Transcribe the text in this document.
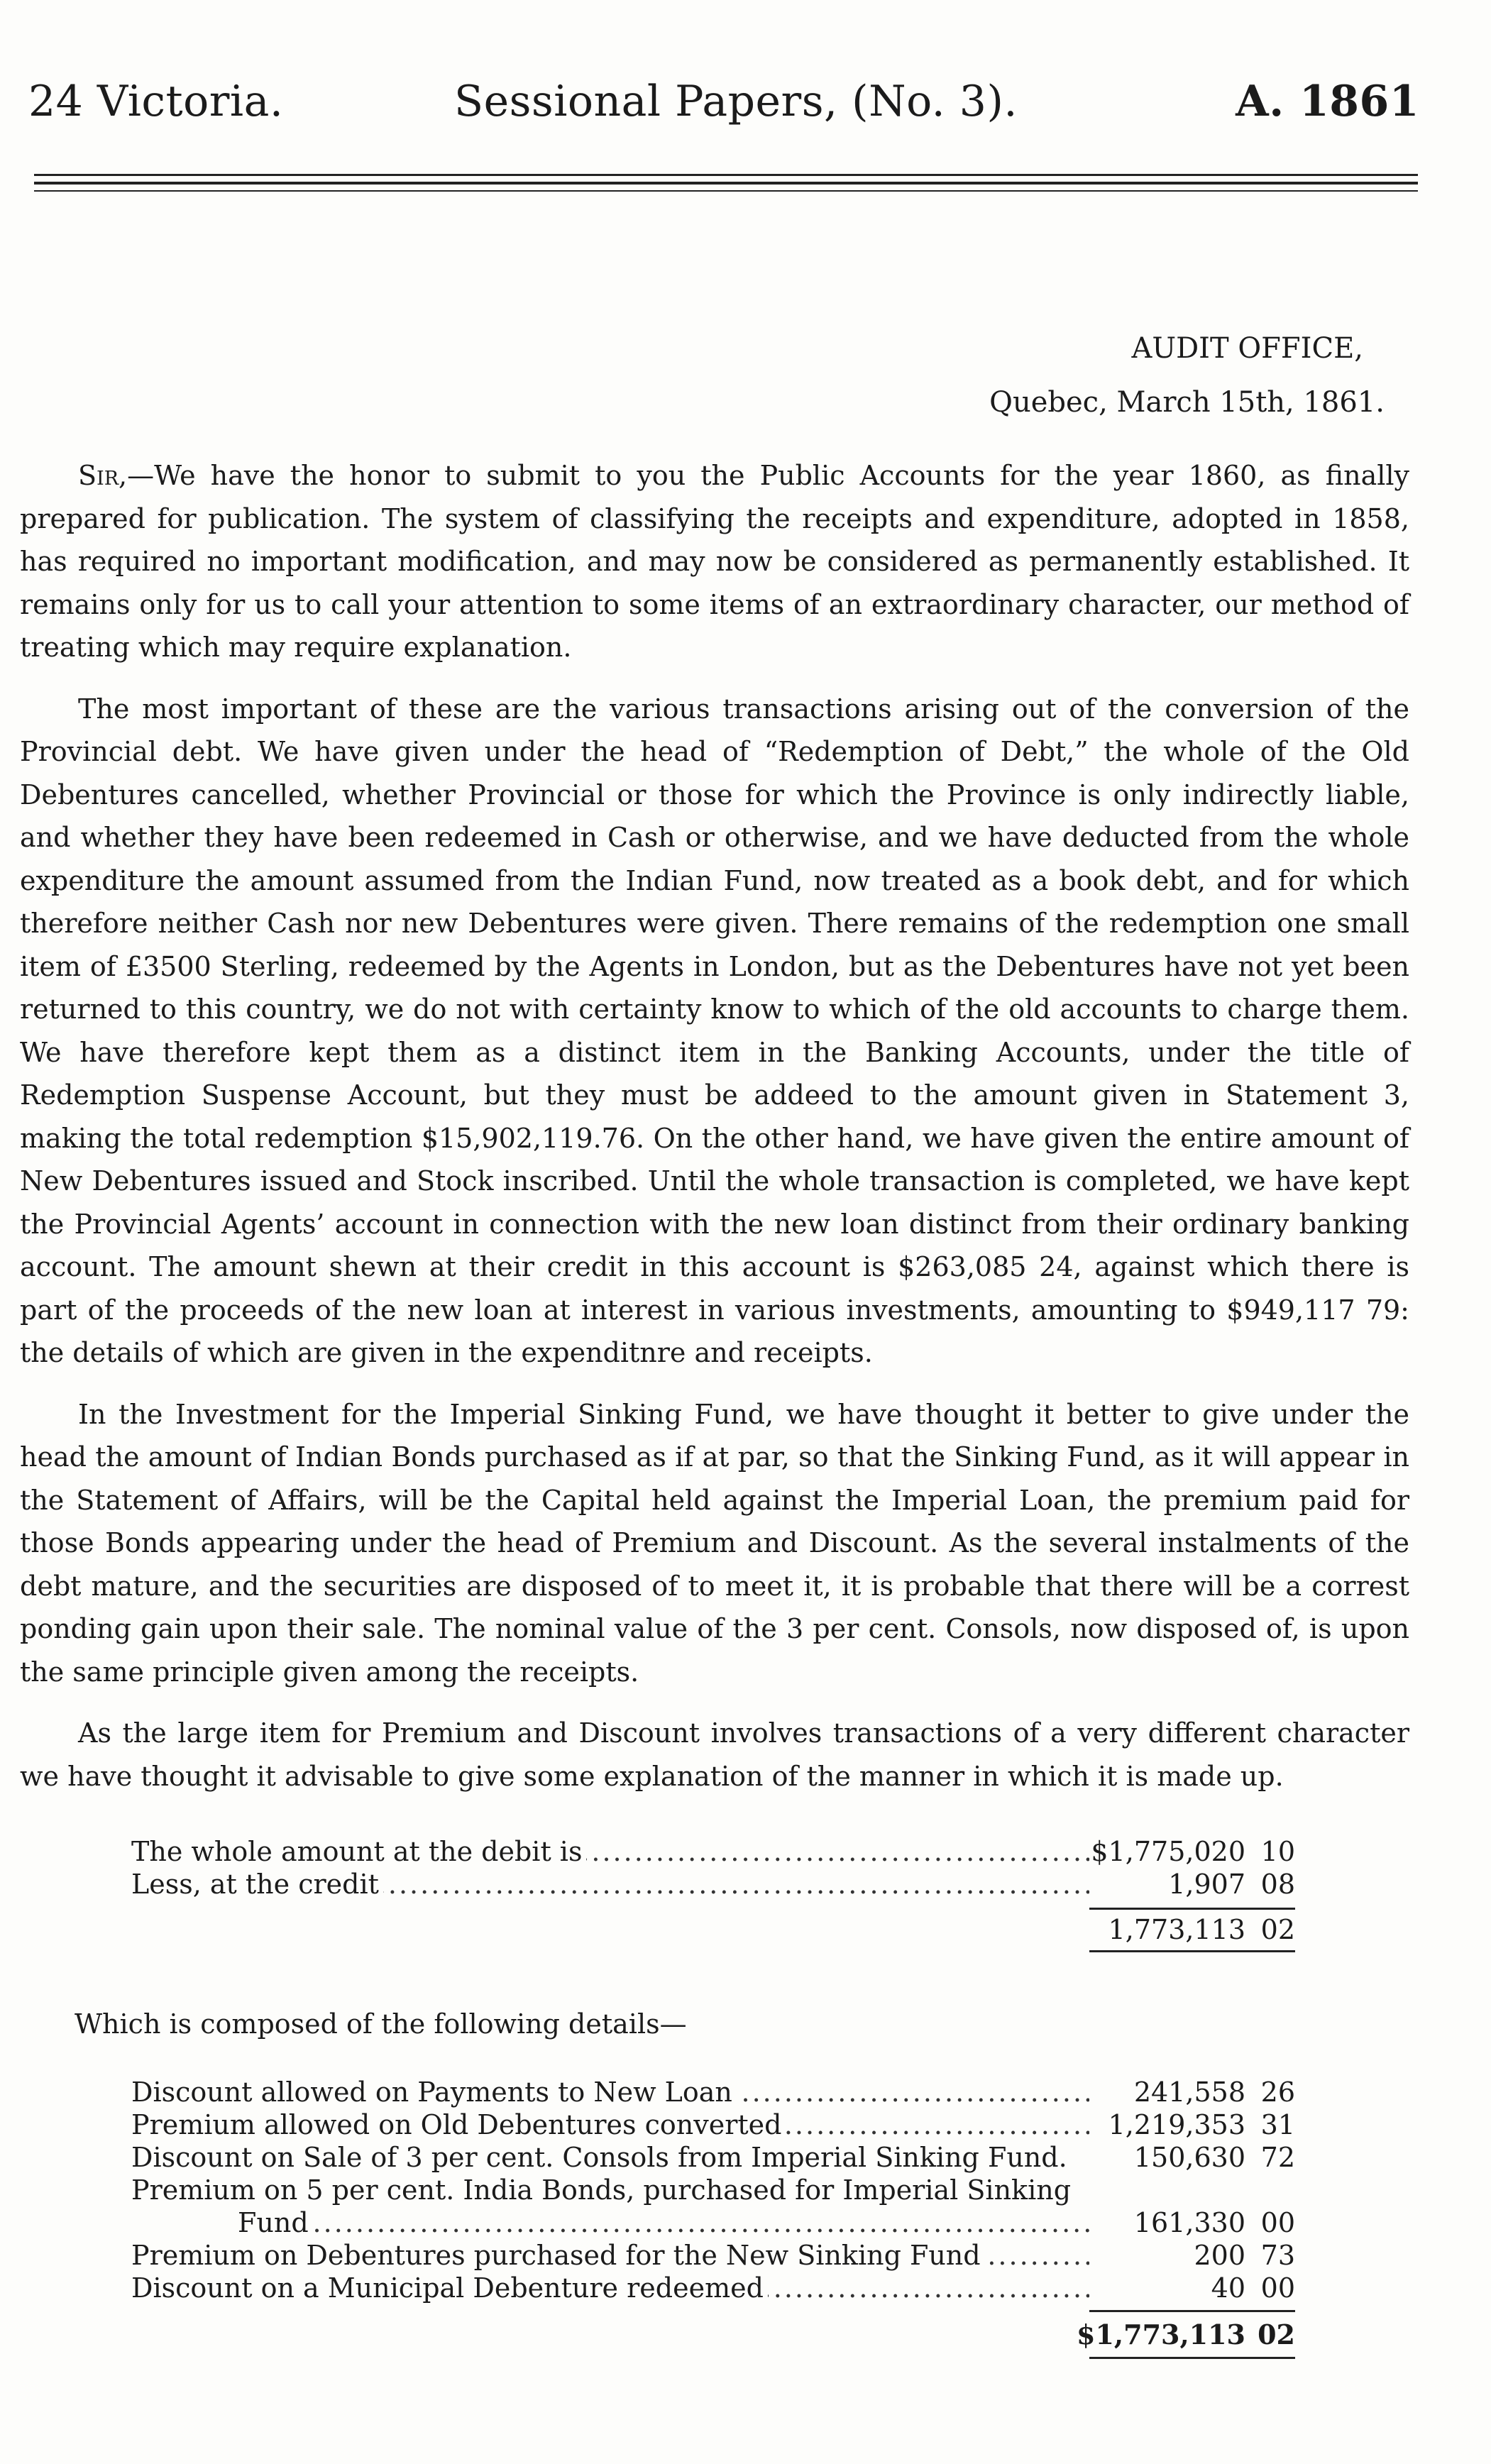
24 Victoria.	Sessional Papers, (No. 3).	A. 1861
AUDIT OFFICE,
Quebec, March 15th, 1861.

Sir,—We have the honor to submit to you the Public Accounts for the year 1860, as finally prepared for publication. The system of classifying the receipts and expenditure, adopted in 1858, has required no important modification, and may now be considered as permanently established. It remains only for us to call your attention to some items of an extraordinary character, our method of treating which may require explanation.

The most important of these are the various transactions arising out of the conversion of the Provincial debt. We have given under the head of “Redemption of Debt,” the whole of the Old Debentures cancelled, whether Provincial or those for which the Province is only indirectly liable, and whether they have been redeemed in Cash or otherwise, and we have deducted from the whole expenditure the amount assumed from the Indian Fund, now treated as a book debt, and for which therefore neither Cash nor new Debentures were given. There remains of the redemption one small item of £3500 Sterling, redeemed by the Agents in London, but as the Debentures have not yet been returned to this country, we do not with certainty know to which of the old accounts to charge them. We have therefore kept them as a distinct item in the Banking Accounts, under the title of Redemption Suspense Account, but they must be addeed to the amount given in Statement 3, making the total redemption $15,902,119.76. On the other hand, we have given the entire amount of New Debentures issued and Stock inscribed. Until the whole transaction is completed, we have kept the Provincial Agents’ account in connection with the new loan distinct from their ordinary banking account. The amount shewn at their credit in this account is $263,085 24, against which there is part of the proceeds of the new loan at interest in various investments, amounting to $949,117 79: the details of which are given in the expenditnre and receipts.

In the Investment for the Imperial Sinking Fund, we have thought it better to give under the head the amount of Indian Bonds purchased as if at par, so that the Sinking Fund, as it will appear in the Statement of Affairs, will be the Capital held against the Imperial Loan, the premium paid for those Bonds appearing under the head of Premium and Discount. As the several instalments of the debt mature, and the securities are disposed of to meet it, it is probable that there will be a correst ponding gain upon their sale. The nominal value of the 3 per cent. Consols, now disposed of, is upon the same principle given among the receipts.

As the large item for Premium and Discount involves transactions of a very different character we have thought it advisable to give some explanation of the manner in which it is made up.

The whole amount at the debit is .....	$1,775,020 10
Less, at the credit .....	1,907 08
1,773,113 02
Which is composed of the following details—
Discount allowed on Payments to New Loan .....	241,558 26
Premium allowed on Old Debentures converted .....	1,219,353 31
Discount on Sale of 3 per cent. Consols from Imperial Sinking Fund. 150,630 72
Premium on 5 per cent. India Bonds, purchased for Imperial Sinking
Fund .....	161,330 00
Premium on Debentures purchased for the New Sinking Fund .....	200 73
Discount on a Municipal Debenture redeemed .....	40 00
$1,773,113 02
